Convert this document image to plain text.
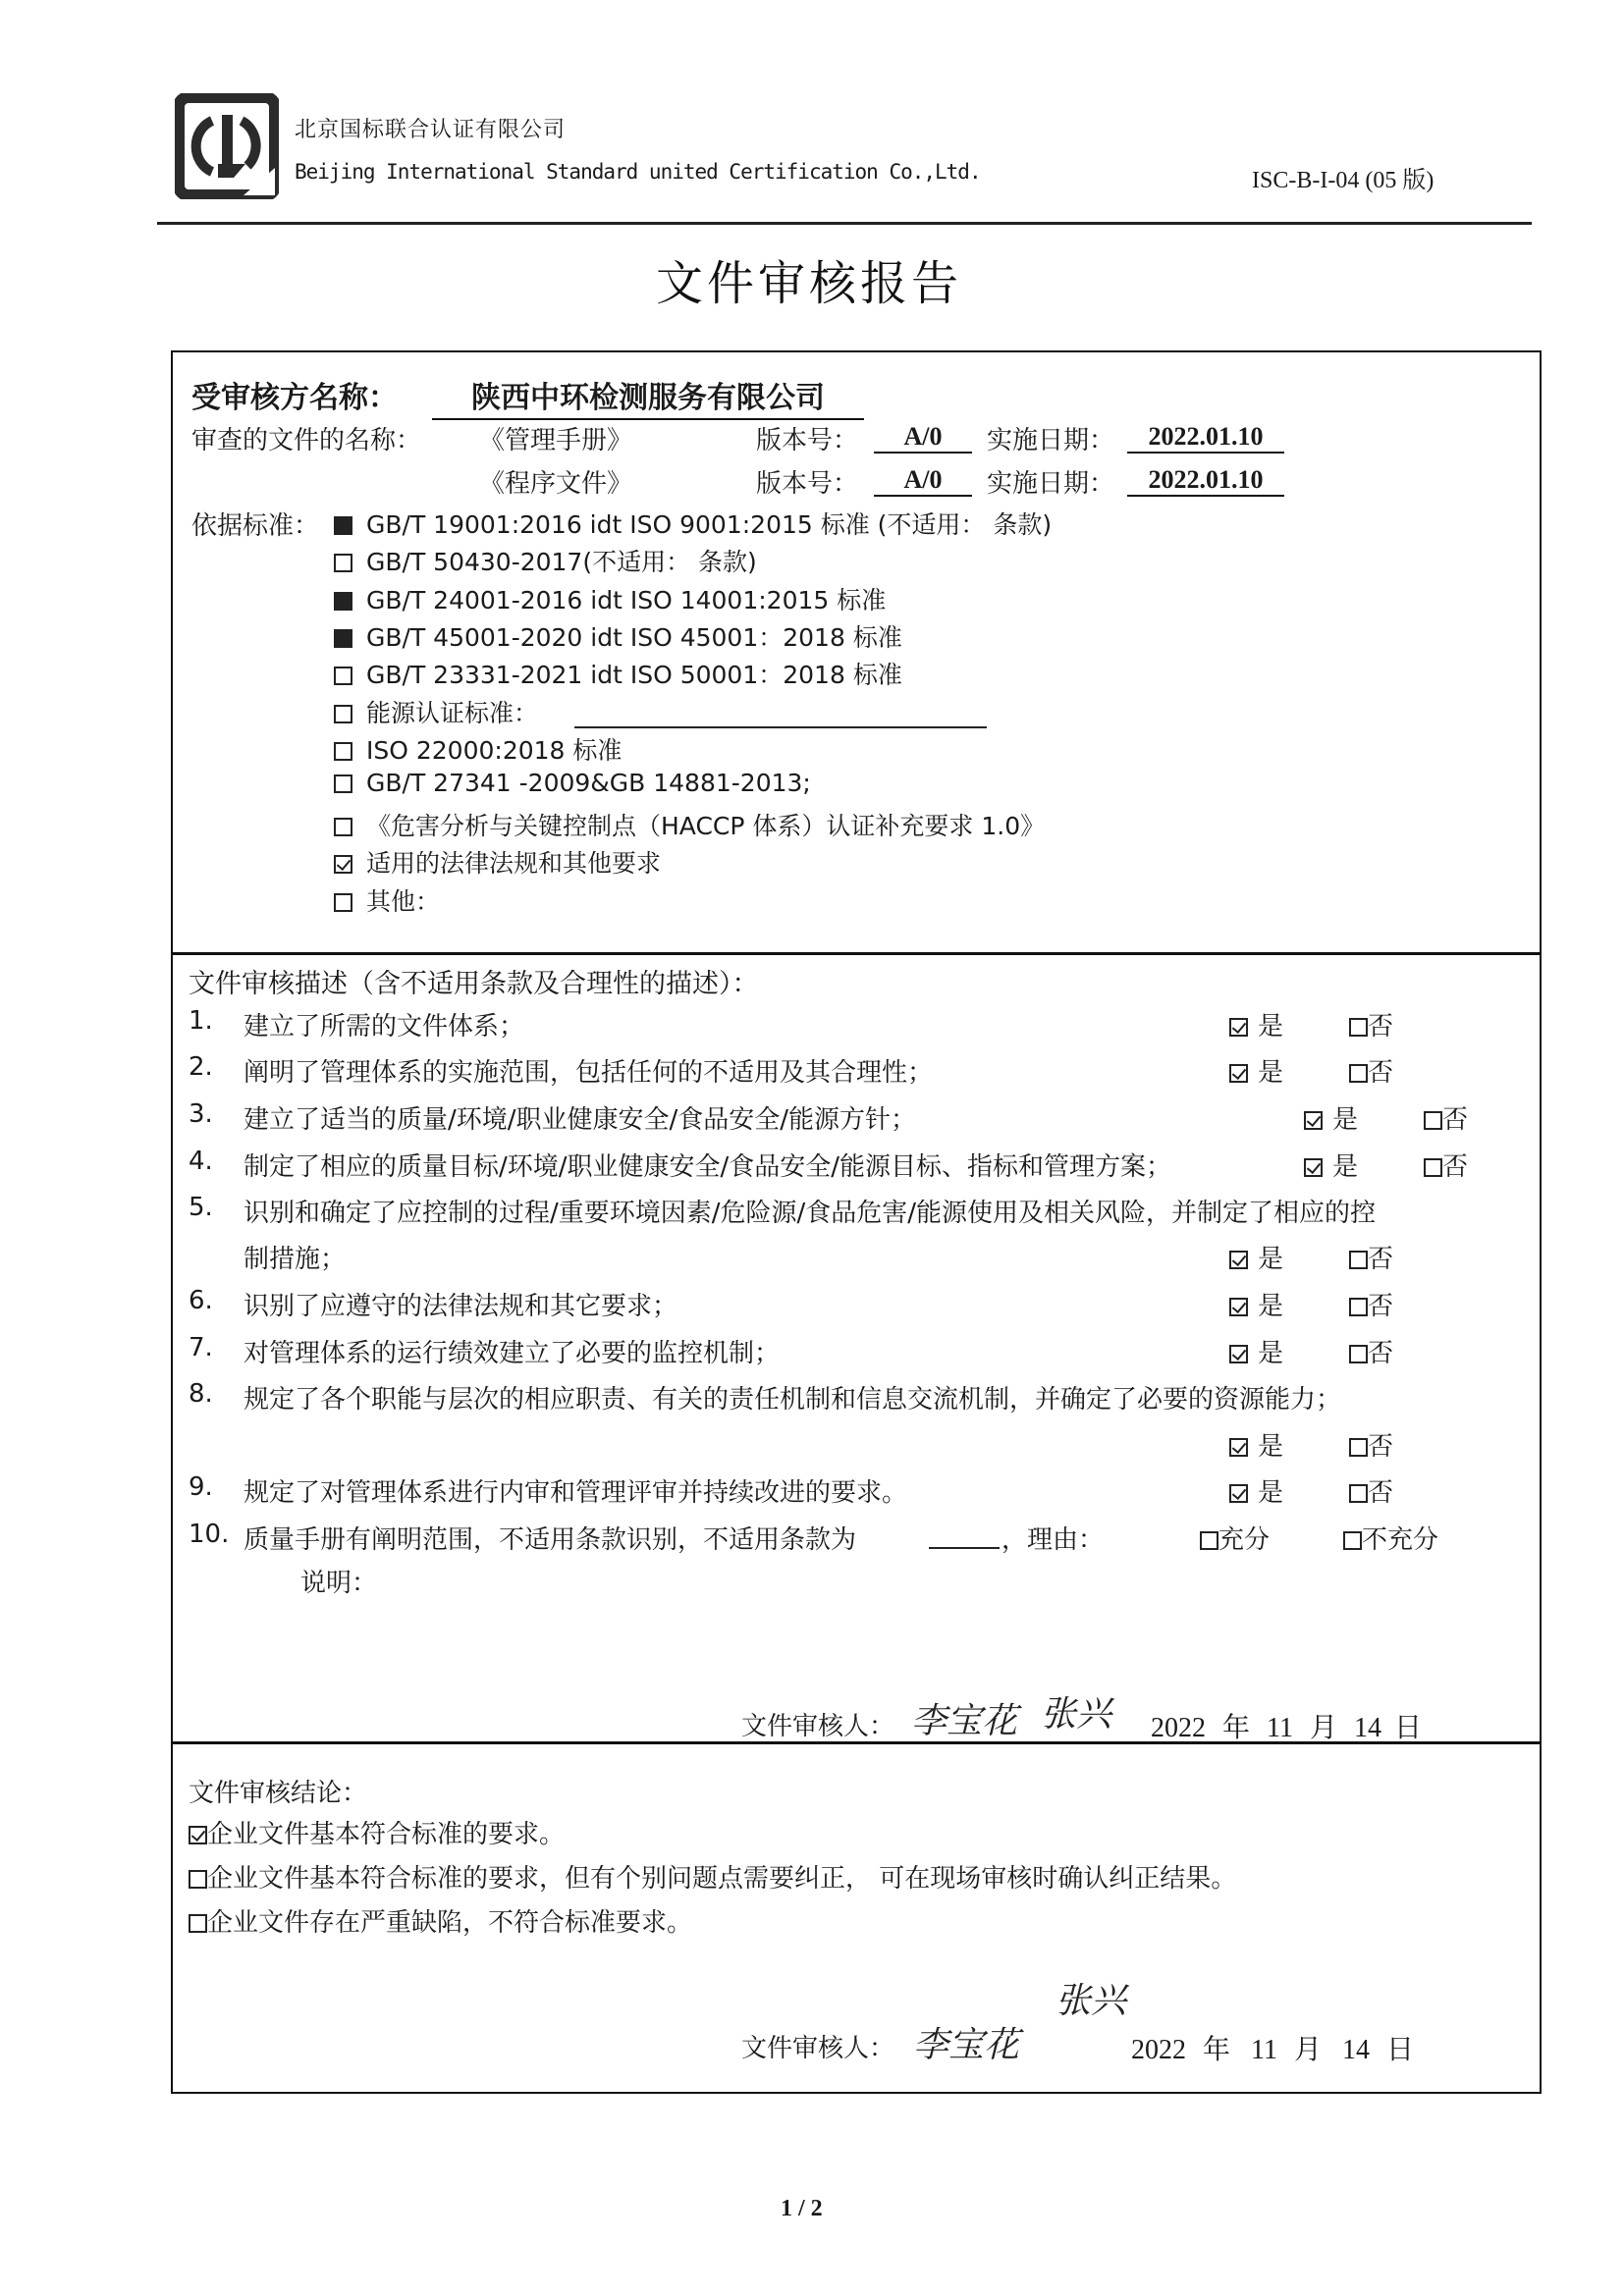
北京国标联合认证有限公司
Beijing International Standard united Certification Co.,Ltd.	ISC-B-I-04 (05 版)
文件审核报告
受审核方名称：	陕西中环检测服务有限公司
审查的文件的名称： 《管理手册》	版本号：	A/0	实施日期：	2022.01.10
《程序文件》	版本号：	A/0	实施日期：	2022.01.10
依据标准：	GB/T 19001:2016 idt ISO 9001:2015 标准 (不适用： 条款)
GB/T 50430-2017(不适用： 条款)
GB/T 24001-2016 idt ISO 14001:2015 标准
GB/T 45001-2020 idt ISO 45001：2018 标准
GB/T 23331-2021 idt ISO 50001：2018 标准
能源认证标准：
ISO 22000:2018 标准
GB/T 27341 -2009&GB 14881-2013;
《危害分析与关键控制点（HACCP 体系）认证补充要求 1.0》
适用的法律法规和其他要求
其他：
文件审核描述（含不适用条款及合理性的描述）：
1. 建立了所需的文件体系；	是	否
2. 阐明了管理体系的实施范围，包括任何的不适用及其合理性；	是	否
3. 建立了适当的质量/环境/职业健康安全/食品安全/能源方针；	是	否
4. 制定了相应的质量目标/环境/职业健康安全/食品安全/能源目标、指标和管理方案；	是	否
5. 识别和确定了应控制的过程/重要环境因素/危险源/食品危害/能源使用及相关风险，并制定了相应的控
制措施；	是	否
6. 识别了应遵守的法律法规和其它要求；	是	否
7. 对管理体系的运行绩效建立了必要的监控机制；	是	否
8. 规定了各个职能与层次的相应职责、有关的责任机制和信息交流机制，并确定了必要的资源能力；
是	否
9. 规定了对管理体系进行内审和管理评审并持续改进的要求。	是	否
10. 质量手册有阐明范围，不适用条款识别，不适用条款为	，理由：	充分	不充分
说明：
文件审核人： 李宝花 张兴 2022 年 11 月 14 日
文件审核结论：
企业文件基本符合标准的要求。
企业文件基本符合标准的要求，但有个别问题点需要纠正， 可在现场审核时确认纠正结果。
企业文件存在严重缺陷，不符合标准要求。
文件审核人： 李宝花
张兴
2022 年 11 月 14 日
1 / 2
